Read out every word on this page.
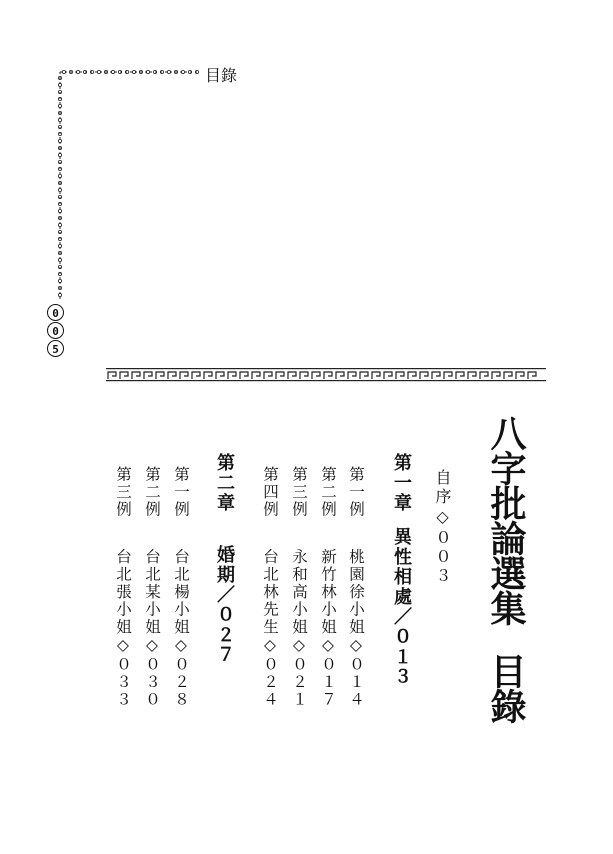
目錄
0
0
5
八字批論選集目錄
自序◇００３
第一章異性相處／０１３
第一例桃園徐小姐◇０１４
第二例新竹林小姐◇０１７
第三例永和高小姐◇０２１
第四例台北林先生◇０２４
第二章婚期／０２７
第一例台北楊小姐◇０２８
第二例台北某小姐◇０３０
第三例台北張小姐◇０３３
